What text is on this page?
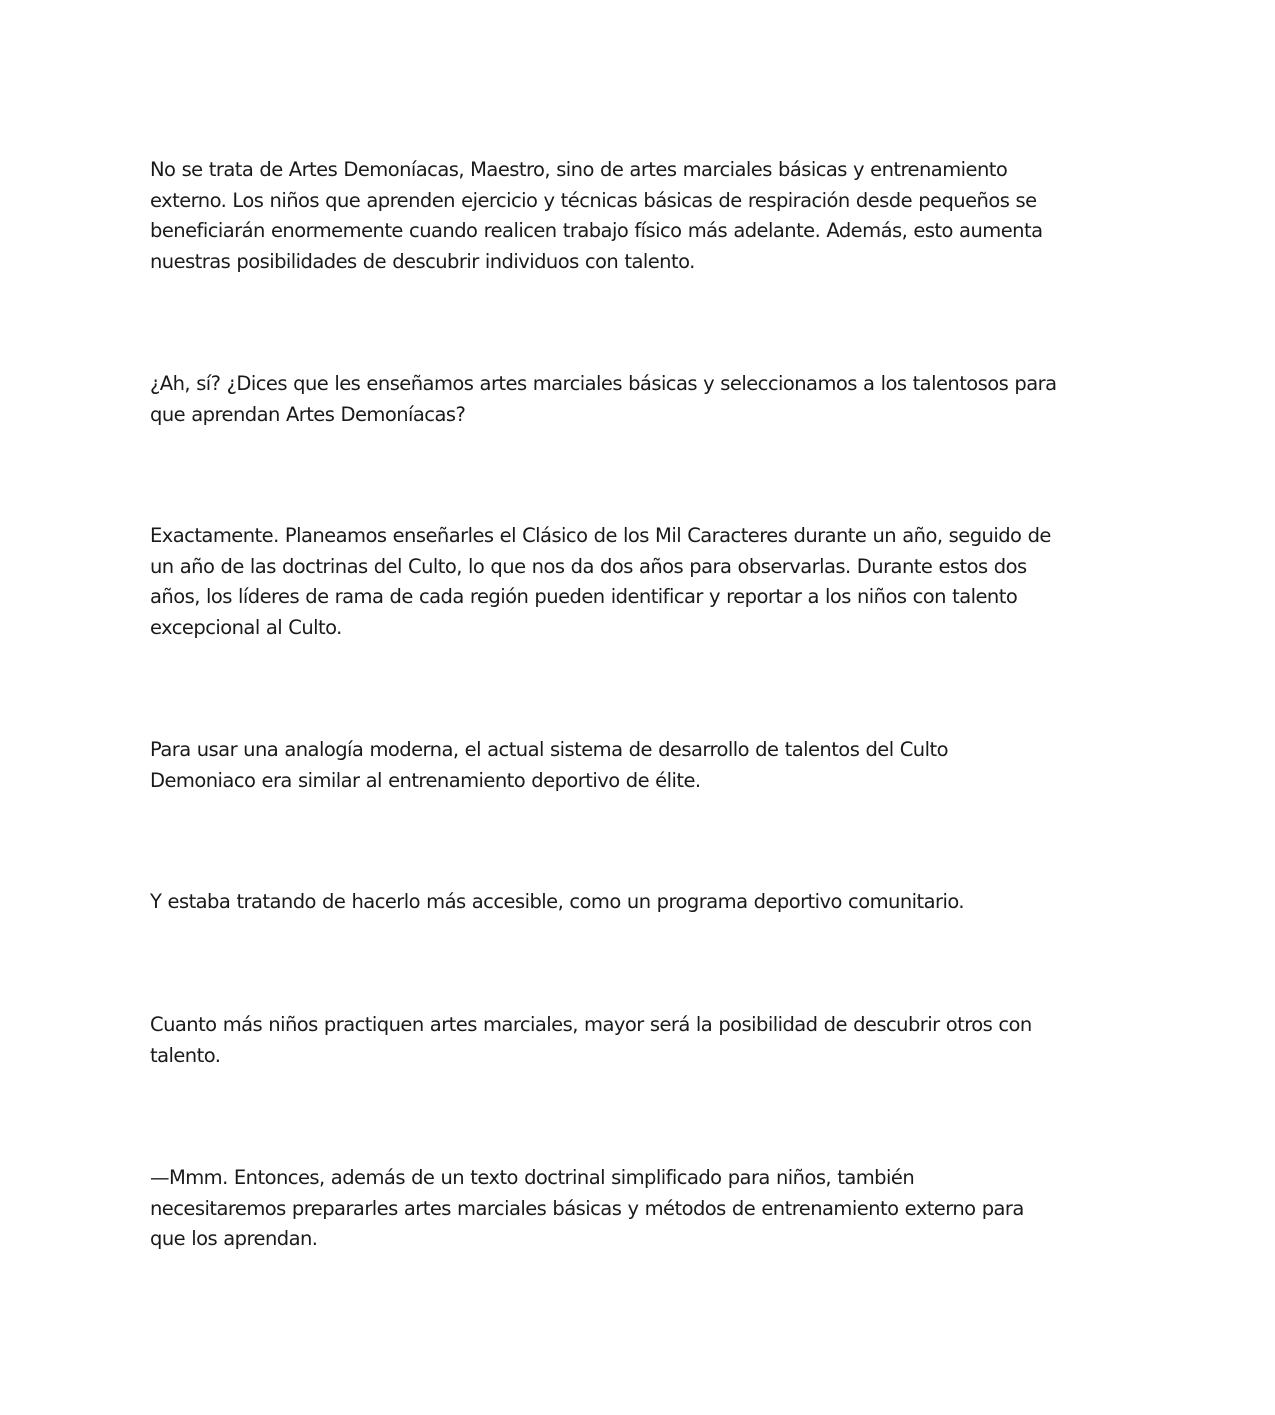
No se trata de Artes Demoníacas, Maestro, sino de artes marciales básicas y entrenamiento
externo. Los niños que aprenden ejercicio y técnicas básicas de respiración desde pequeños se
beneficiarán enormemente cuando realicen trabajo físico más adelante. Además, esto aumenta
nuestras posibilidades de descubrir individuos con talento.

¿Ah, sí? ¿Dices que les enseñamos artes marciales básicas y seleccionamos a los talentosos para
que aprendan Artes Demoníacas?

Exactamente. Planeamos enseñarles el Clásico de los Mil Caracteres durante un año, seguido de
un año de las doctrinas del Culto, lo que nos da dos años para observarlas. Durante estos dos
años, los líderes de rama de cada región pueden identificar y reportar a los niños con talento
excepcional al Culto.

Para usar una analogía moderna, el actual sistema de desarrollo de talentos del Culto
Demoniaco era similar al entrenamiento deportivo de élite.

Y estaba tratando de hacerlo más accesible, como un programa deportivo comunitario.

Cuanto más niños practiquen artes marciales, mayor será la posibilidad de descubrir otros con
talento.

—Mmm. Entonces, además de un texto doctrinal simplificado para niños, también
necesitaremos prepararles artes marciales básicas y métodos de entrenamiento externo para
que los aprendan.
